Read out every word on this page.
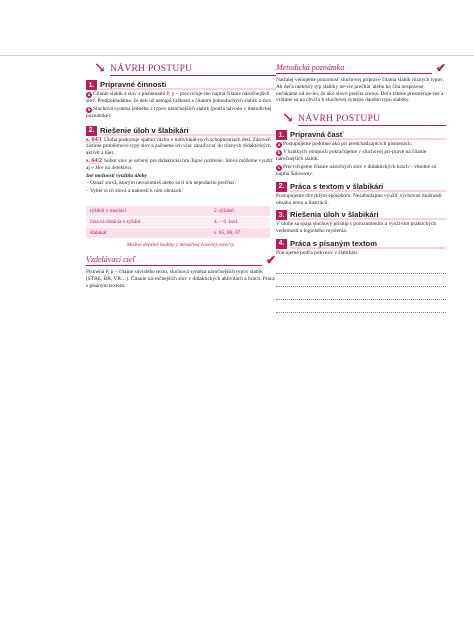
↘ NÁVRH POSTUPU
1. Prípravné činnosti

a Čítanie slabík a slov s písmenami P, p – precvičuje-me najmä čítanie náročnejších slov. Predpokladáme, že deti už nemajú ťažkosti s čítaním jednoduchých slabík a slov.

b Sluchová syntéza jedného z typov náročnejších slabík (podľa návodu v metodickej poznámke).

2. Riešenie úloh v šlabikári

s. 64/1 Úloha poskytuje spätnú väzbu o individuál-nych schopnostiach detí. Zároveň zistíme problémové typy slov a začneme ich viac zaraďovať do rôznych didaktických aktivít a hier.

s. 64/2 Súbor slov je určený pre didaktickú hru Tajné razítenie. Slová môžeme využiť aj v Hre na detektíva.

Iné možnosti využitia úlohy

– Označ slová, ktorým nerozumieš alebo sa ti ich nepodarilo prečítať.

– Vyber si tri slová a nakresli k nim obrázok.

týždeň v mesiaci	2. týždeň
časová dotácia v týždni	4. – 6. hod.
šlabikár	s. 65, 66, 67
Možno doplniť hodiny z mesačnej časovej rezervy.
Vzdelávací cieľ	✔

Písmená P, p – čítanie súvislého textu, sluchová syntéza náročnejších typov slabík (STRE, BR, VR…). Čítanie ná-ročnejších slov v didaktických aktivitách a hrách. Práca s písaným textom.

Metodická poznámka	✔

Naďalej venujeme pozornosť sluchovej príprave čítania slabík rôznych typov. Ak deťa niektorý typ slabiky ne-vie prečítať alebo ho číta nesprávne, nečakáme od ne-ho, že ako slovo prečíta znova. Deťa taktne presmeruje-me a vrátime sa na chvíľu k sluchovej syntéze daného typu slabiky.

↘ NÁVRH POSTUPU
1. Prípravná časť

a Postupujeme podobne ako pri predchádzajúcich písmenách.

b V krátkych vstupoch pokračujeme v sluchovej prí-prave na čítanie náročnejších slabík.

c Precvičujeme čítanie náročných slov v didaktických hrách – vhodné sú najmä Šalovoniy.

2. Práca s textom v šlabikári

Postupujeme obvyklým spôsobom. Nezabúdajme využiť výchovné možnosti obsahu textu a ilustrácií.

3. Riešenia úloh v šlabikári

V úlohe sa spája sluchový prístup s porozumením a využi-tím praktických vedomostí a logického myslenia.

4. Práca s písaným textom

Pracujeme podľa pokynov v šlabikári.
